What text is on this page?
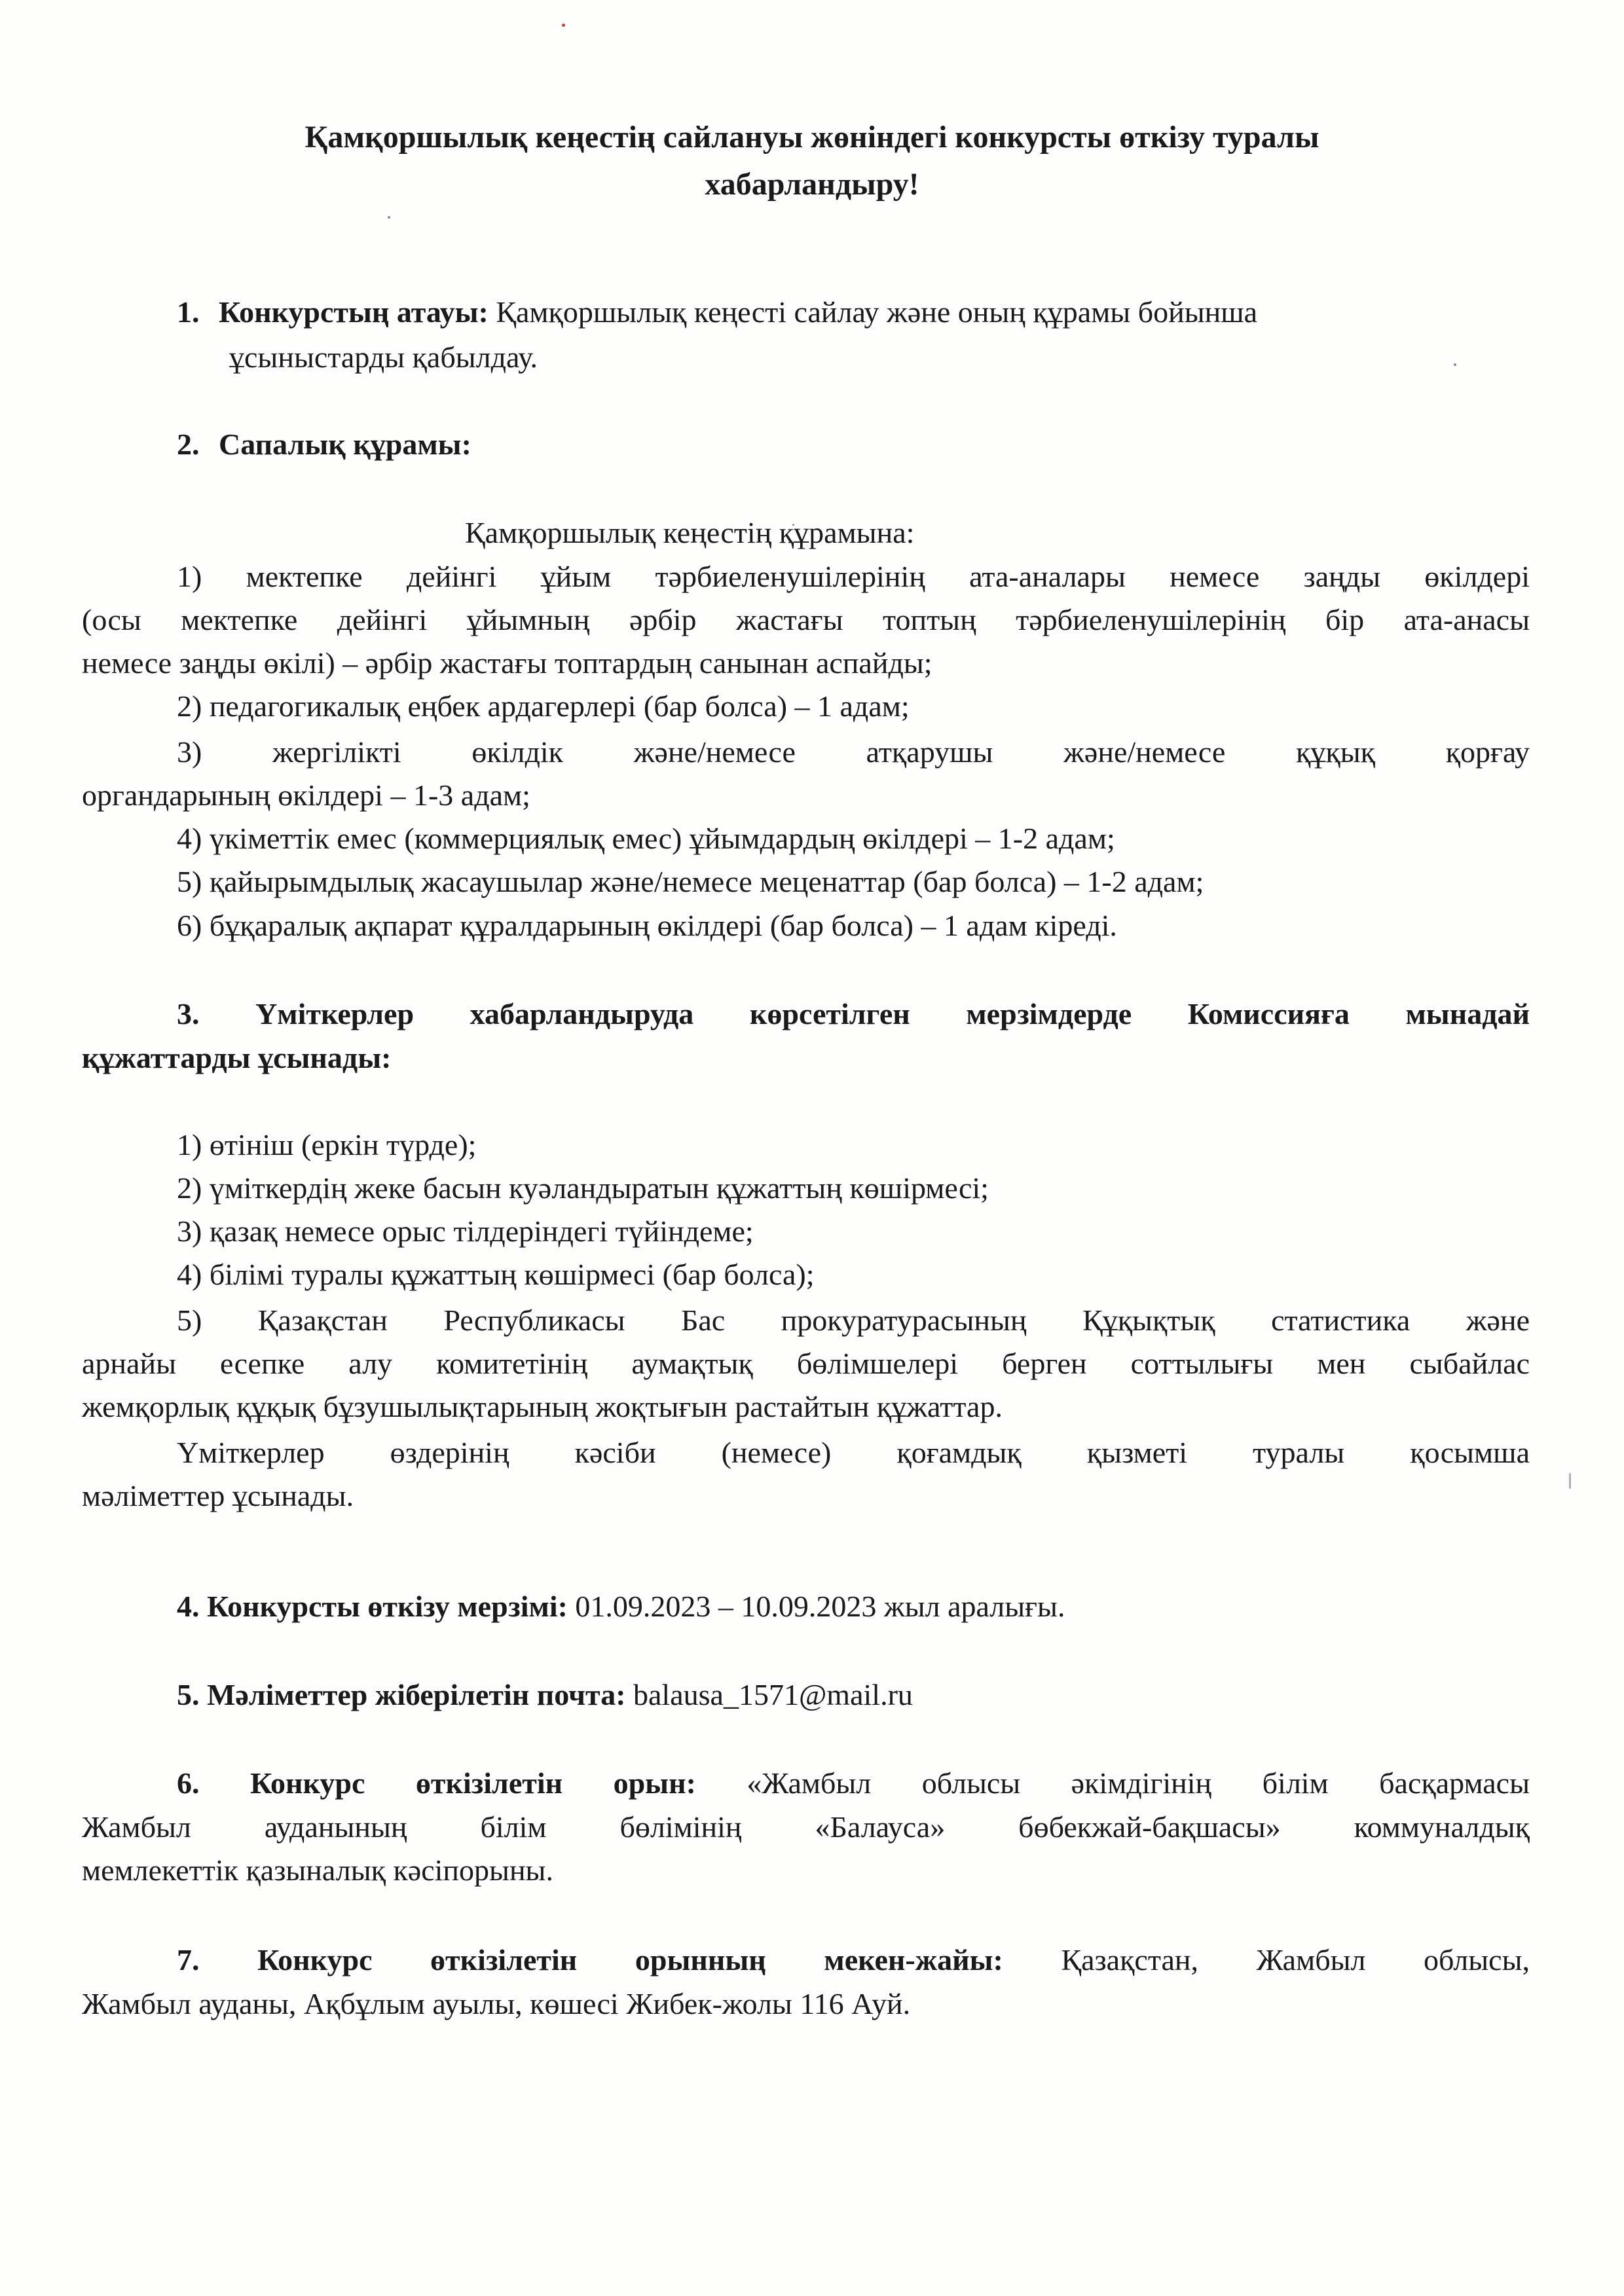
Қамқоршылық кеңестің сайлануы жөніндегі конкурсты өткізу туралы
хабарландыру!
1. Конкурстың атауы: Қамқоршылық кеңесті сайлау және оның құрамы бойынша
ұсыныстарды қабылдау.
2. Сапалық құрамы:
Қамқоршылық кеңестің құрамына:
1) мектепке дейінгі ұйым тәрбиеленушілерінің ата-аналары немесе заңды өкілдері
(осы мектепке дейінгі ұйымның әрбір жастағы топтың тәрбиеленушілерінің бір ата-анасы
немесе заңды өкілі) – әрбір жастағы топтардың санынан аспайды;
2) педагогикалық еңбек ардагерлері (бар болса) – 1 адам;
3) жергілікті өкілдік және/немесе атқарушы және/немесе құқық қорғау
органдарының өкілдері – 1-3 адам;
4) үкіметтік емес (коммерциялық емес) ұйымдардың өкілдері – 1-2 адам;
5) қайырымдылық жасаушылар және/немесе меценаттар (бар болса) – 1-2 адам;
6) бұқаралық ақпарат құралдарының өкілдері (бар болса) – 1 адам кіреді.
3. Үміткерлер хабарландыруда көрсетілген мерзімдерде Комиссияға мынадай
құжаттарды ұсынады:
1) өтініш (еркін түрде);
2) үміткердің жеке басын куәландыратын құжаттың көшірмесі;
3) қазақ немесе орыс тілдеріндегі түйіндеме;
4) білімі туралы құжаттың көшірмесі (бар болса);
5) Қазақстан Республикасы Бас прокуратурасының Құқықтық статистика және
арнайы есепке алу комитетінің аумақтық бөлімшелері берген соттылығы мен сыбайлас
жемқорлық құқық бұзушылықтарының жоқтығын растайтын құжаттар.
Үміткерлер өздерінің кәсіби (немесе) қоғамдық қызметі туралы қосымша
мәліметтер ұсынады.
4. Конкурсты өткізу мерзімі: 01.09.2023 – 10.09.2023 жыл аралығы.
5. Мәліметтер жіберілетін почта: balausa_1571@mail.ru
6. Конкурс өткізілетін орын: «Жамбыл облысы әкімдігінің білім басқармасы
Жамбыл ауданының білім бөлімінің «Балауса» бөбекжай-бақшасы» коммуналдық
мемлекеттік қазыналық кәсіпорыны.
7. Конкурс өткізілетін орынның мекен-жайы: Қазақстан, Жамбыл облысы,
Жамбыл ауданы, Ақбұлым ауылы, көшесі Жибек-жолы 116 Ауй.
